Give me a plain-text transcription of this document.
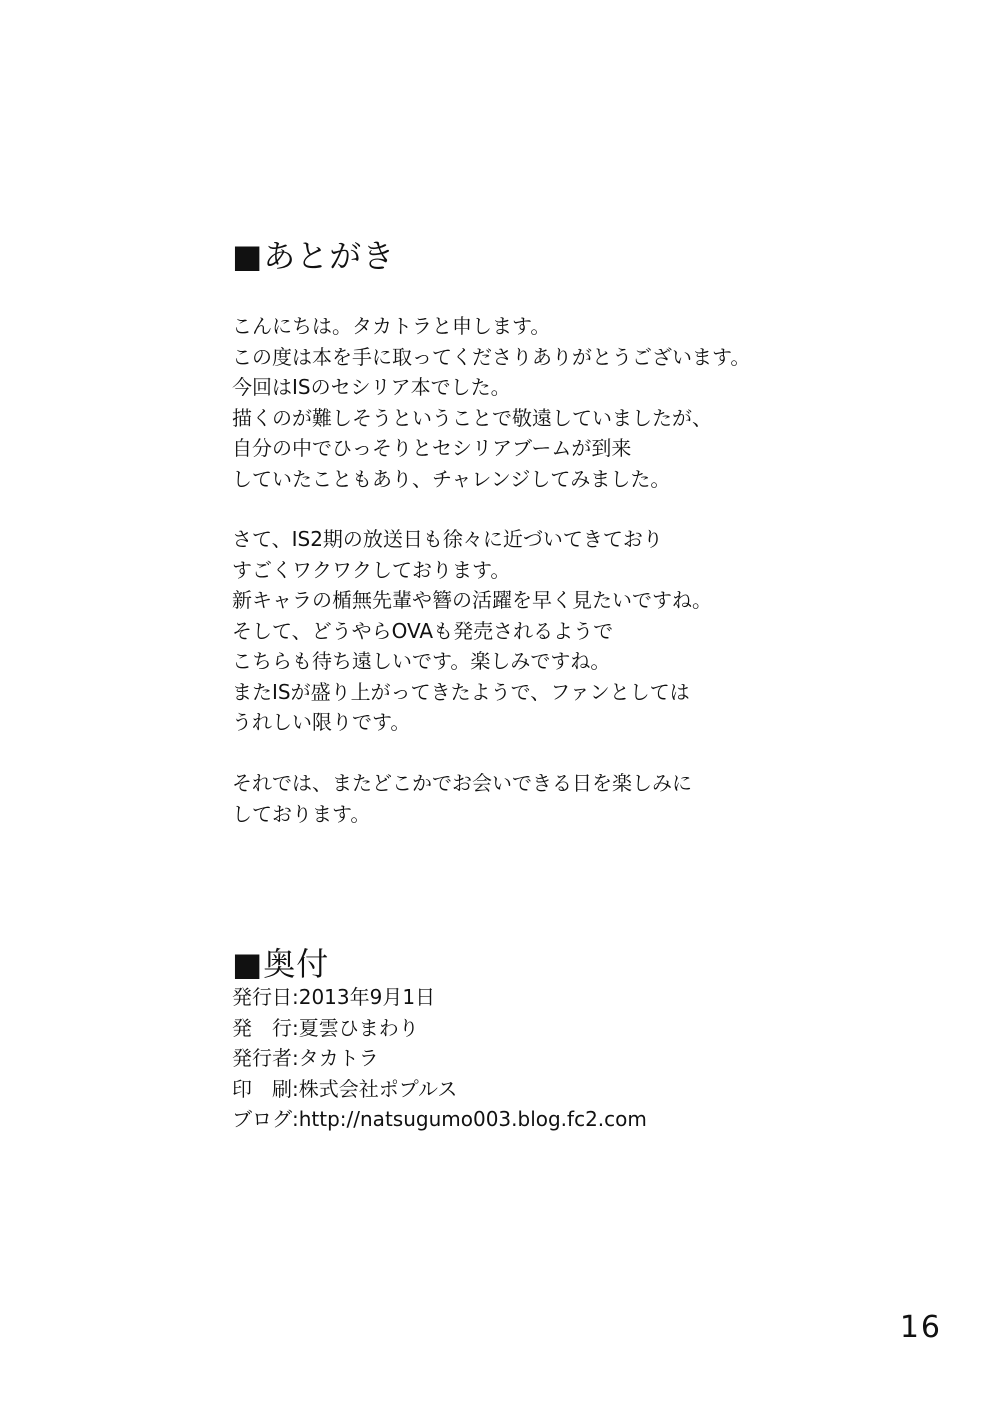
■あとがき
こんにちは。タカトラと申します。
この度は本を手に取ってくださりありがとうございます。
今回はISのセシリア本でした。
描くのが難しそうということで敬遠していましたが、
自分の中でひっそりとセシリアブームが到来
していたこともあり、チャレンジしてみました。
さて、IS2期の放送日も徐々に近づいてきており
すごくワクワクしております。
新キャラの楯無先輩や簪の活躍を早く見たいですね。
そして、どうやらOVAも発売されるようで
こちらも待ち遠しいです。楽しみですね。
またISが盛り上がってきたようで、ファンとしては
うれしい限りです。
それでは、またどこかでお会いできる日を楽しみに
しております。
■奥付
発行日:2013年9月1日
発　行:夏雲ひまわり
発行者:タカトラ
印　刷:株式会社ポプルス
ブログ:http://natsugumo003.blog.fc2.com
16
